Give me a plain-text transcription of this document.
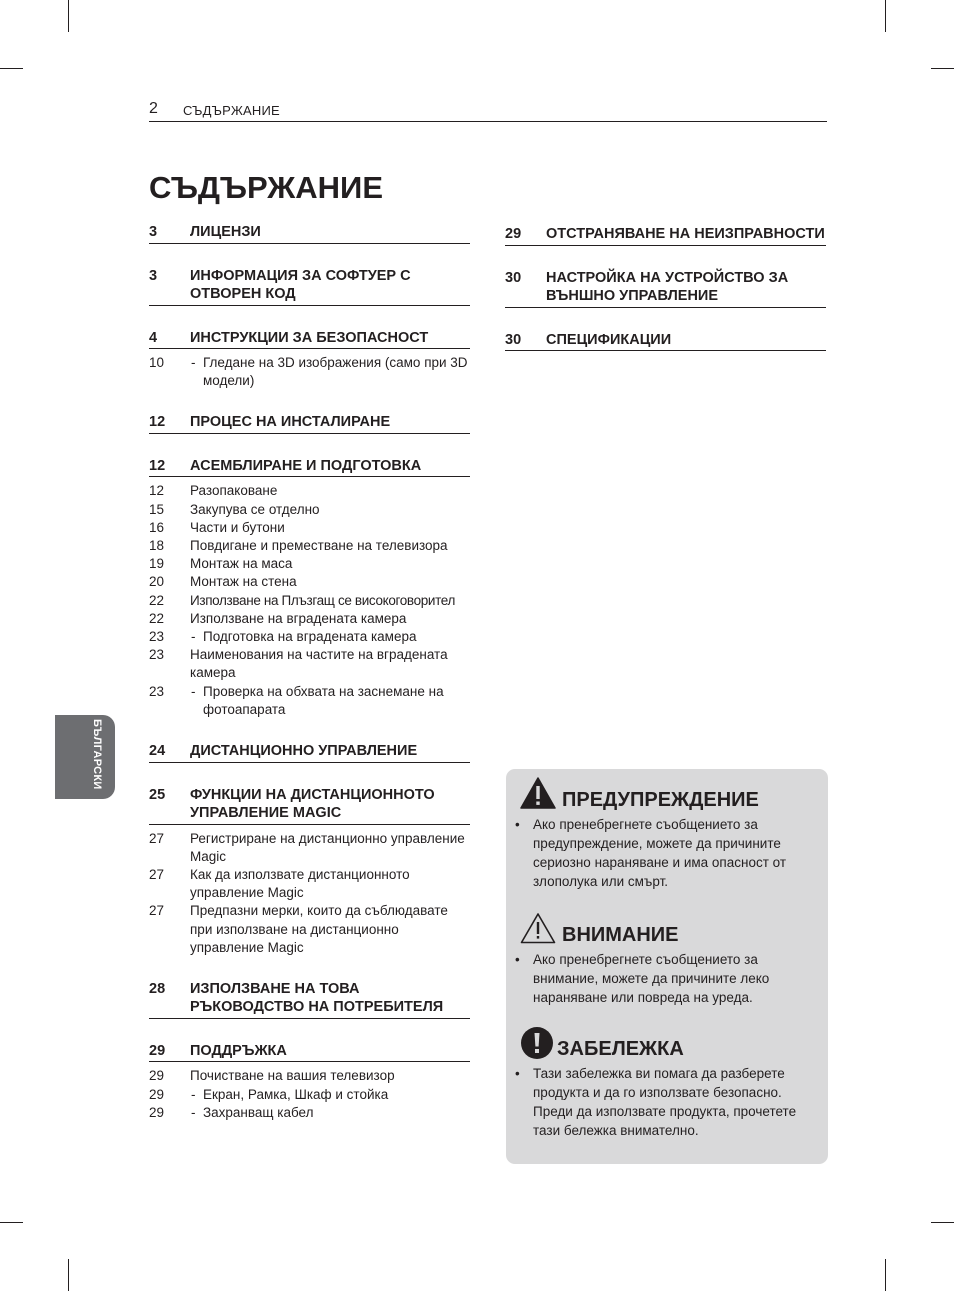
2 СЪДЪРЖАНИЕ
СЪДЪРЖАНИЕ
3	ЛИЦЕНЗИ
3	ИНФОРМАЦИЯ ЗА СОФТУЕР С ОТВОРЕН КОД
4	ИНСТРУКЦИИ ЗА БЕЗОПАСНОСТ
10	- Гледане на 3D изображения (само при 3D модели)
12	ПРОЦЕС НА ИНСТАЛИРАНЕ
12	АСЕМБЛИРАНЕ И ПОДГОТОВКА
12	Разопаковане
15	Закупува се отделно
16	Части и бутони
18	Повдигане и преместване на телевизора
19	Монтаж на маса
20	Монтаж на стена
22	Използване на Плъзгащ се високоговорител
22	Използване на вградената камера
23	- Подготовка на вградената камера
23	Наименования на частите на вградената камера
23	- Проверка на обхвата на заснемане на фотоапарата
24	ДИСТАНЦИОННО УПРАВЛЕНИЕ
25	ФУНКЦИИ НА ДИСТАНЦИОННОТО УПРАВЛЕНИЕ MAGIC
27	Регистриране на дистанционно управление Magic
27	Как да използвате дистанционното управление Magic
27	Предпазни мерки, които да съблюдавате при използване на дистанционно управление Magic
28	ИЗПОЛЗВАНЕ НА ТОВА РЪКОВОДСТВО НА ПОТРЕБИТЕЛЯ
29	ПОДДРЪЖКА
29	Почистване на вашия телевизор
29	- Екран, Рамка, Шкаф и стойка
29	- Захранващ кабел
29	ОТСТРАНЯВАНЕ НА НЕИЗПРАВНОСТИ
30	НАСТРОЙКА НА УСТРОЙСТВО ЗА ВЪНШНО УПРАВЛЕНИЕ
30	СПЕЦИФИКАЦИИ
БЪЛГАРСКИ
ПРЕДУПРЕЖДЕНИЕ

• Ако пренебрегнете съобщението за предупреждение, можете да причините сериозно нараняване и има опасност от злополука или смърт.

ВНИМАНИЕ

• Ако пренебрегнете съобщението за внимание, можете да причините леко нараняване или повреда на уреда.

ЗАБЕЛЕЖКА

• Тази забележка ви помага да разберете продукта и да го използвате безопасно. Преди да използвате продукта, прочетете тази бележка внимателно.
